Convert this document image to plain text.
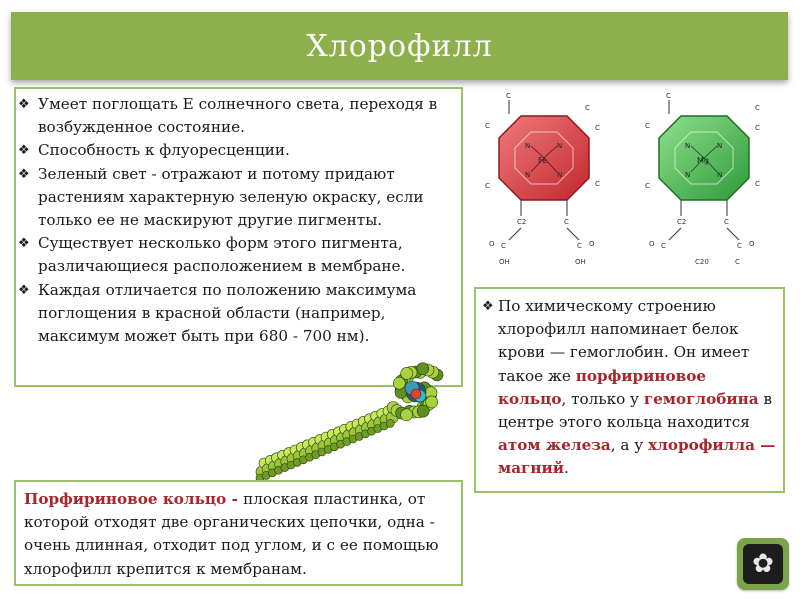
Хлорофилл
❖ Умеет поглощать Е солнечного света, переходя в возбужденное состояние.
❖ Способность к флуоресценции.
❖ Зеленый свет - отражают и потому придают растениям характерную зеленую окраску, если только ее не маскируют другие пигменты.
❖ Существует несколько форм этого пигмента, различающиеся расположением в мембране.
❖ Каждая отличается по положению максимума поглощения в красной области (например, максимум может быть при 680 - 700 нм).
Fe
N	N
N	N
C
C
C
C
C	C
C2	C
C	C
O	O
OH	OH
Mg
N	N
N	N
C
C
C
C
C	C
C2	C
C	C
O	O
C20	C
❖ По химическому строению хлорофилл напоминает белок крови — гемоглобин. Он имеет такое же порфириновое кольцо, только у гемоглобина в центре этого кольца находится атом железа, а у хлорофилла — магний.

Порфириновое кольцо - плоская пластинка, от которой отходят две органических цепочки, одна - очень длинная, отходит под углом, и с ее помощью хлорофилл крепится к мембранам.	✿
